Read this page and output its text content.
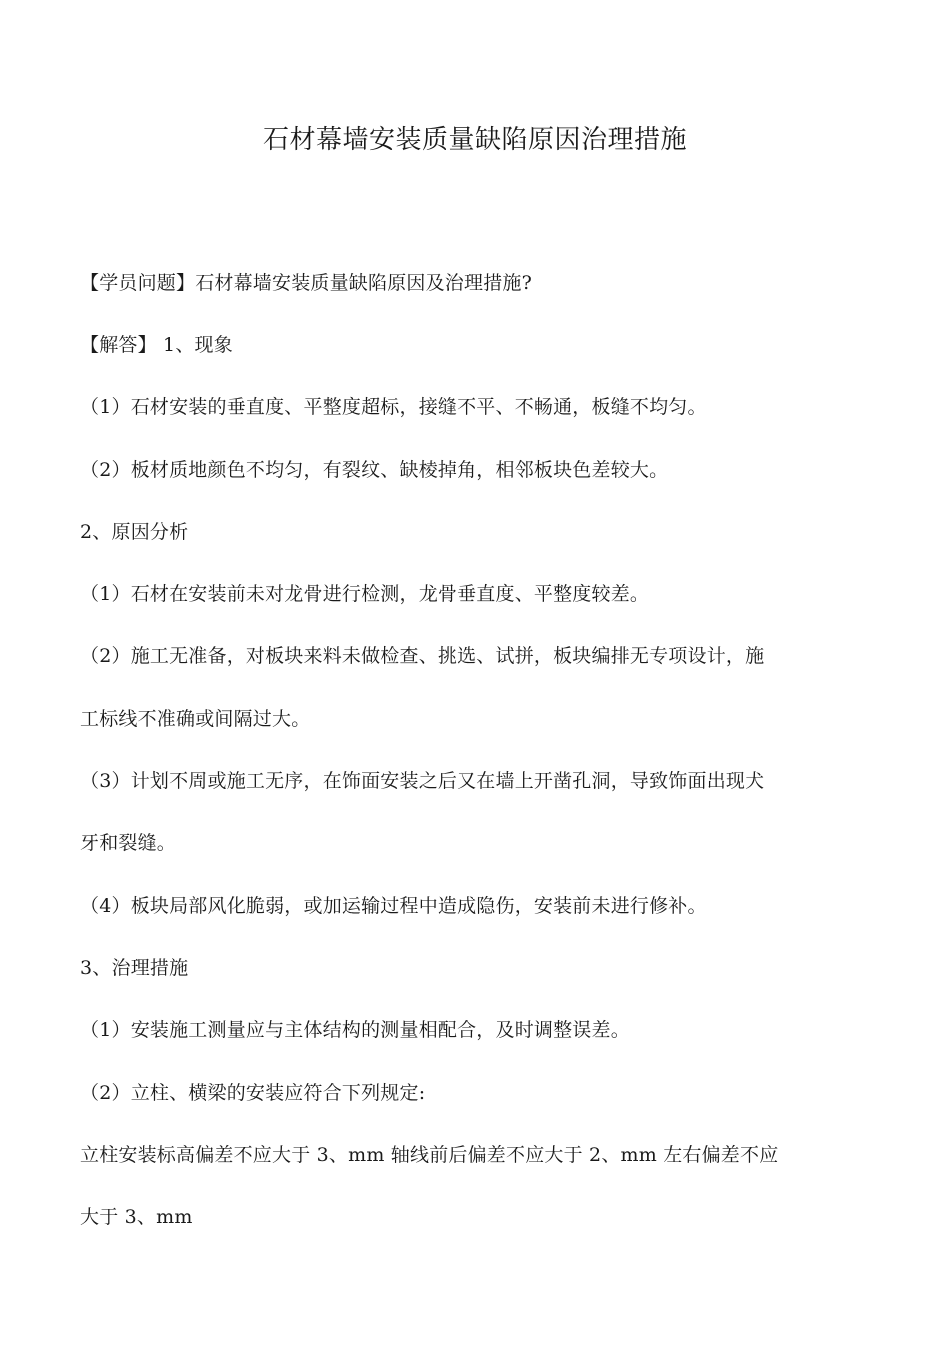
石材幕墙安装质量缺陷原因治理措施
【学员问题】石材幕墙安装质量缺陷原因及治理措施?
【解答】 1、现象
（1）石材安装的垂直度、平整度超标，接缝不平、不畅通，板缝不均匀。
（2）板材质地颜色不均匀，有裂纹、缺棱掉角，相邻板块色差较大。
2、原因分析
（1）石材在安装前未对龙骨进行检测，龙骨垂直度、平整度较差。
（2）施工无准备，对板块来料未做检查、挑选、试拼，板块编排无专项设计，施
工标线不准确或间隔过大。
（3）计划不周或施工无序，在饰面安装之后又在墙上开凿孔洞，导致饰面出现犬
牙和裂缝。
（4）板块局部风化脆弱，或加运输过程中造成隐伤，安装前未进行修补。
3、治理措施
（1）安装施工测量应与主体结构的测量相配合，及时调整误差。
（2）立柱、横梁的安装应符合下列规定:
立柱安装标高偏差不应大于 3、mm 轴线前后偏差不应大于 2、mm 左右偏差不应
大于 3、mm
